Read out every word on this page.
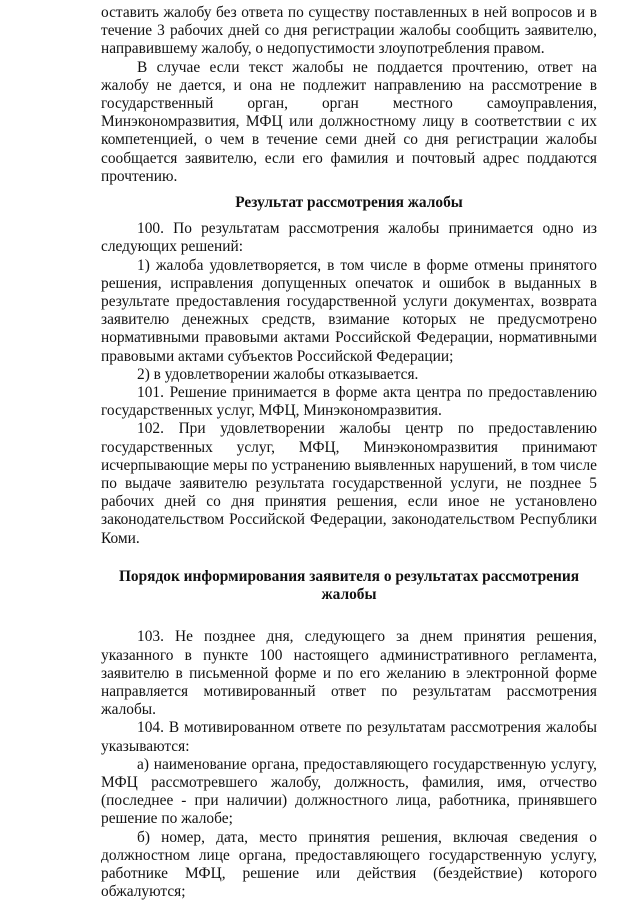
оставить жалобу без ответа по существу поставленных в ней вопросов и в течение 3 рабочих дней со дня регистрации жалобы сообщить заявителю, направившему жалобу, о недопустимости злоупотребления правом.

В случае если текст жалобы не поддается прочтению, ответ на жалобу не дается, и она не подлежит направлению на рассмотрение в государственный орган, орган местного самоуправления, Минэкономразвития, МФЦ или должностному лицу в соответствии с их компетенцией, о чем в течение семи дней со дня регистрации жалобы сообщается заявителю, если его фамилия и почтовый адрес поддаются прочтению.

Результат рассмотрения жалобы

100. По результатам рассмотрения жалобы принимается одно из следующих решений:

1) жалоба удовлетворяется, в том числе в форме отмены принятого решения, исправления допущенных опечаток и ошибок в выданных в результате предоставления государственной услуги документах, возврата заявителю денежных средств, взимание которых не предусмотрено нормативными правовыми актами Российской Федерации, нормативными правовыми актами субъектов Российской Федерации;

2) в удовлетворении жалобы отказывается.

101. Решение принимается в форме акта центра по предоставлению государственных услуг, МФЦ, Минэкономразвития.

102. При удовлетворении жалобы центр по предоставлению государственных услуг, МФЦ, Минэкономразвития принимают исчерпывающие меры по устранению выявленных нарушений, в том числе по выдаче заявителю результата государственной услуги, не позднее 5 рабочих дней со дня принятия решения, если иное не установлено законодательством Российской Федерации, законодательством Республики Коми.

Порядок информирования заявителя о результатах рассмотрения
жалобы

103. Не позднее дня, следующего за днем принятия решения, указанного в пункте 100 настоящего административного регламента, заявителю в письменной форме и по его желанию в электронной форме направляется мотивированный ответ по результатам рассмотрения жалобы.

104. В мотивированном ответе по результатам рассмотрения жалобы указываются:

а) наименование органа, предоставляющего государственную услугу, МФЦ рассмотревшего жалобу, должность, фамилия, имя, отчество (последнее - при наличии) должностного лица, работника, принявшего решение по жалобе;

б) номер, дата, место принятия решения, включая сведения о должностном лице органа, предоставляющего государственную услугу, работнике МФЦ, решение или действия (бездействие) которого обжалуются;
